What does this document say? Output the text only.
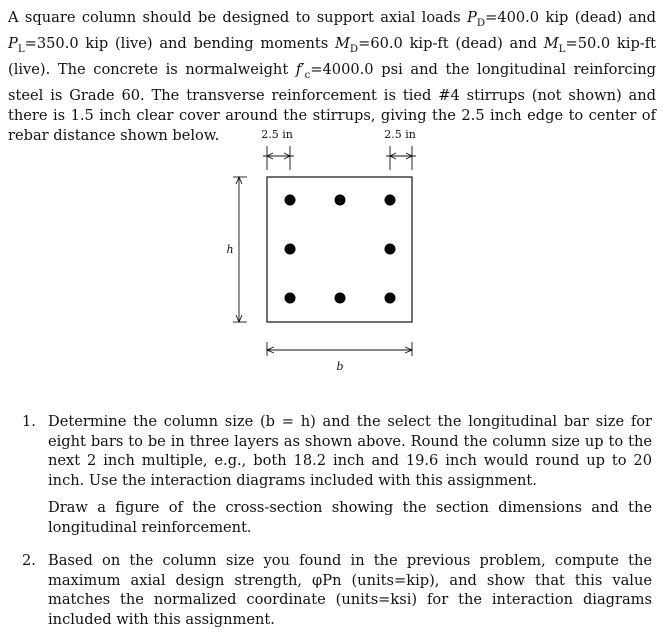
A square column should be designed to support axial loads $P_D=400.0$ kip (dead) and $P_L=350.0$ kip (live) and bending moments $M_D=60.0$ kip-ft (dead) and $M_L=50.0$ kip-ft (live). The concrete is normalweight $f'_c=4000.0$ psi and the longitudinal reinforcing steel is Grade 60. The transverse reinforcement is tied #4 stirrups (not shown) and there is 1.5 inch clear cover around the stirrups, giving the 2.5 inch edge to center of rebar distance shown below.	2.5 in	2.5 in
h
b
1. Determine the column size (b = h) and the select the longitudinal bar size for eight bars to be in three layers as shown above. Round the column size up to the next 2 inch multiple, e.g., both 18.2 inch and 19.6 inch would round up to 20 inch. Use the interaction diagrams included with this assignment.

Draw a figure of the cross-section showing the section dimensions and the longitudinal reinforcement.

2. Based on the column size you found in the previous problem, compute the maximum axial design strength, φPn (units=kip), and show that this value matches the normalized coordinate (units=ksi) for the interaction diagrams included with this assignment.
